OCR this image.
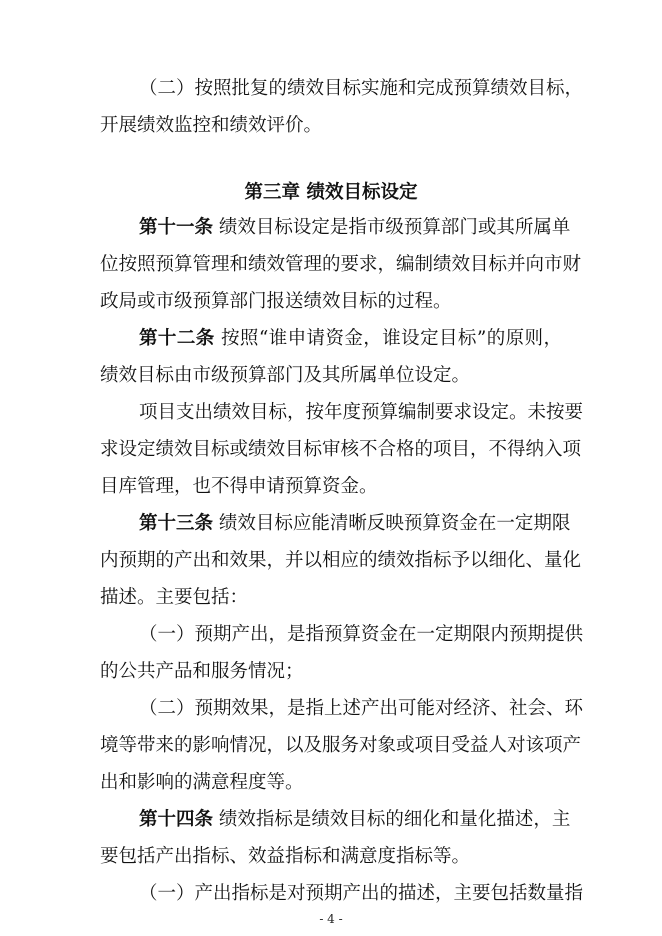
（二）按照批复的绩效目标实施和完成预算绩效目标，
开展绩效监控和绩效评价。
第三章 绩效目标设定
第十一条 绩效目标设定是指市级预算部门或其所属单
位按照预算管理和绩效管理的要求，编制绩效目标并向市财
政局或市级预算部门报送绩效目标的过程。
第十二条 按照“谁申请资金，谁设定目标”的原则，
绩效目标由市级预算部门及其所属单位设定。
项目支出绩效目标，按年度预算编制要求设定。未按要
求设定绩效目标或绩效目标审核不合格的项目，不得纳入项
目库管理，也不得申请预算资金。
第十三条 绩效目标应能清晰反映预算资金在一定期限
内预期的产出和效果，并以相应的绩效指标予以细化、量化
描述。主要包括：
（一）预期产出，是指预算资金在一定期限内预期提供
的公共产品和服务情况；
（二）预期效果，是指上述产出可能对经济、社会、环
境等带来的影响情况，以及服务对象或项目受益人对该项产
出和影响的满意程度等。
第十四条 绩效指标是绩效目标的细化和量化描述，主
要包括产出指标、效益指标和满意度指标等。
（一）产出指标是对预期产出的描述，主要包括数量指
- 4 -
